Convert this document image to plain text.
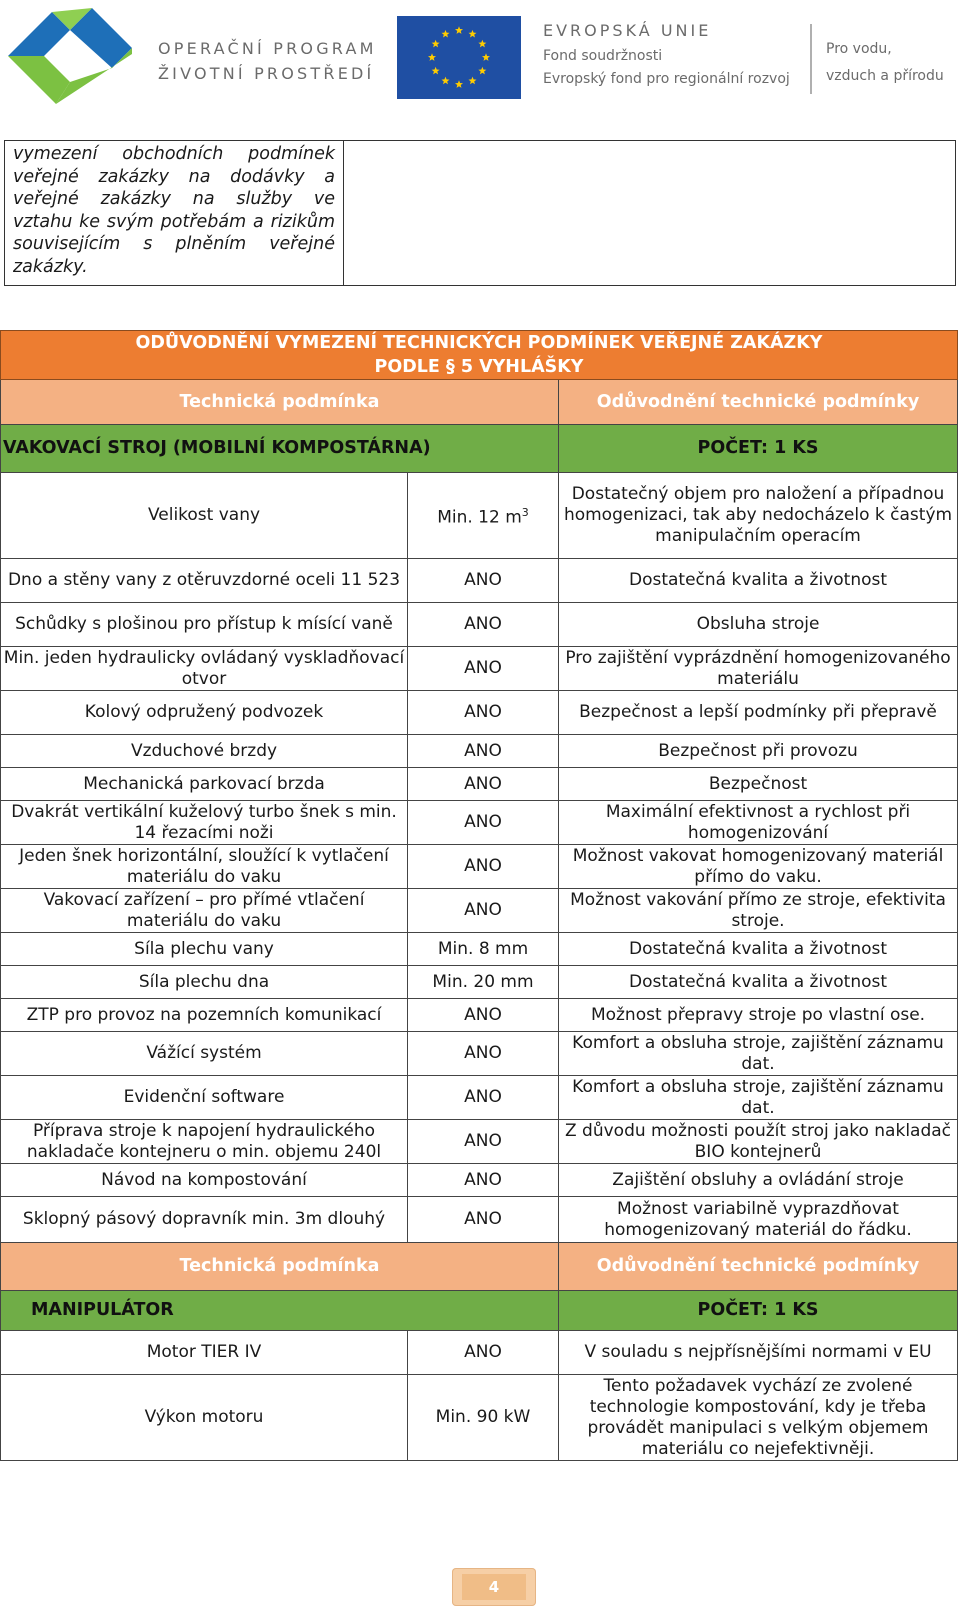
OPERAČNÍ PROGRAM
ŽIVOTNÍ PROSTŘEDÍ
EVROPSKÁ UNIE
Fond soudržnosti
Evropský fond pro regionální rozvoj
Pro vodu,
vzduch a přírodu
vymezení obchodních podmínek veřejné zakázky na dodávky a veřejné zakázky na služby ve vztahu ke svým potřebám a rizikům souvisejícím s plněním veřejné zakázky.
ODŮVODNĚNÍ VYMEZENÍ TECHNICKÝCH PODMÍNEK VEŘEJNÉ ZAKÁZKY
PODLE § 5 VYHLÁŠKY		

Technická podmínka		Odůvodnění technické podmínky
VAKOVACÍ STROJ (MOBILNÍ KOMPOSTÁRNA)		POČET: 1 KS
Velikost vany	Min. 12 $m^3$	Dostatečný objem pro naložení a případnou homogenizaci, tak aby nedocházelo k častým manipulačním operacím
Dno a stěny vany z otěruvzdorné oceli 11 523	ANO	Dostatečná kvalita a životnost
Schůdky s plošinou pro přístup k mísící vaně	ANO	Obsluha stroje
Min. jeden hydraulicky ovládaný vyskladňovací otvor	ANO	Pro zajištění vyprázdnění homogenizovaného materiálu
Kolový odpružený podvozek	ANO	Bezpečnost a lepší podmínky při přepravě
Vzduchové brzdy	ANO	Bezpečnost při provozu
Mechanická parkovací brzda	ANO	Bezpečnost
Dvakrát vertikální kuželový turbo šnek s min. 14 řezacími noži	ANO	Maximální efektivnost a rychlost při homogenizování
Jeden šnek horizontální, sloužící k vytlačení materiálu do vaku	ANO	Možnost vakovat homogenizovaný materiál přímo do vaku.
Vakovací zařízení – pro přímé vtlačení materiálu do vaku	ANO	Možnost vakování přímo ze stroje, efektivita stroje.
Síla plechu vany	Min. 8 mm	Dostatečná kvalita a životnost
Síla plechu dna	Min. 20 mm	Dostatečná kvalita a životnost
ZTP pro provoz na pozemních komunikací	ANO	Možnost přepravy stroje po vlastní ose.
Vážící systém	ANO	Komfort a obsluha stroje, zajištění záznamu dat.
Evidenční software	ANO	Komfort a obsluha stroje, zajištění záznamu dat.
Příprava stroje k napojení hydraulického nakladače kontejneru o min. objemu 240l	ANO	Z důvodu možnosti použít stroj jako nakladač BIO kontejnerů
Návod na kompostování	ANO	Zajištění obsluhy a ovládání stroje
Sklopný pásový dopravník min. 3m dlouhý	ANO	Možnost variabilně vyprazdňovat homogenizovaný materiál do řádku.
Technická podmínka		Odůvodnění technické podmínky
MANIPULÁTOR		POČET: 1 KS
Motor TIER IV	ANO	V souladu s nejpřísnějšími normami v EU
Výkon motoru	Min. 90 kW	Tento požadavek vychází ze zvolené technologie kompostování, kdy je třeba provádět manipulaci s velkým objemem materiálu co nejefektivněji.
4
